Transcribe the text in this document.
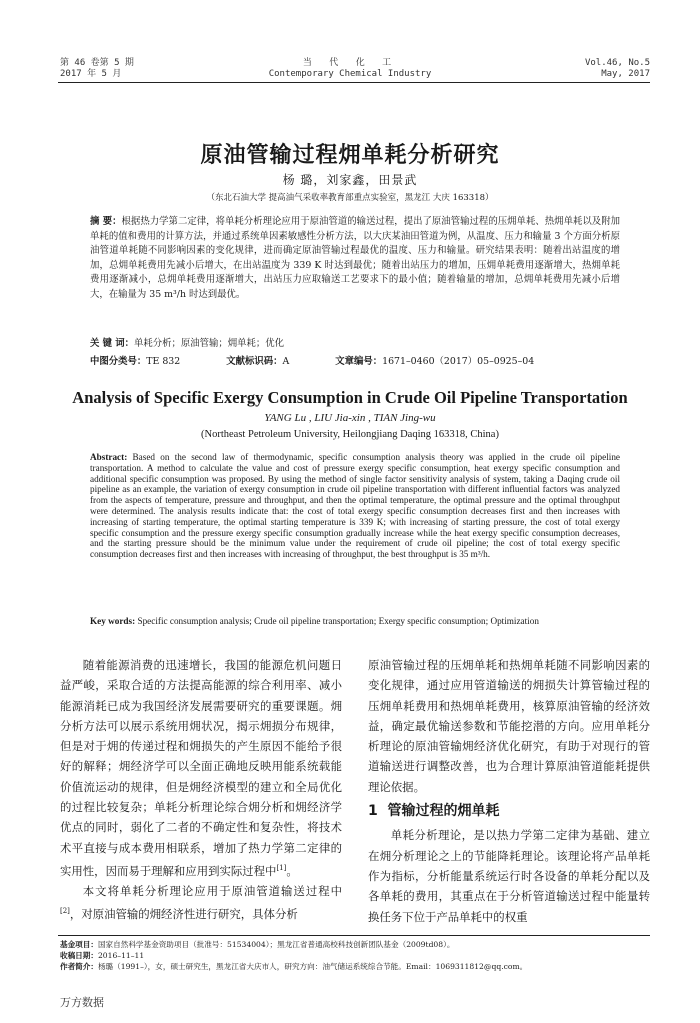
第 46 卷第 5 期
2017 年 5 月
当 代 化 工
Contemporary Chemical Industry
Vol.46, No.5
May, 2017
原油管输过程㶲单耗分析研究
杨 璐，刘家鑫，田景武
（东北石油大学 提高油气采收率教育部重点实验室，黑龙江 大庆 163318）
摘 要：根据热力学第二定律，将单耗分析理论应用于原油管道的输送过程，提出了原油管输过程的压㶲单耗、热㶲单耗以及附加单耗的值和费用的计算方法，并通过系统单因素敏感性分析方法，以大庆某油田管道为例，从温度、压力和输量 3 个方面分析原油管道单耗随不同影响因素的变化规律，进而确定原油管输过程最优的温度、压力和输量。研究结果表明：随着出站温度的增加，总㶲单耗费用先减小后增大，在出站温度为 339 K 时达到最优；随着出站压力的增加，压㶲单耗费用逐渐增大，热㶲单耗费用逐渐减小，总㶲单耗费用逐渐增大，出站压力应取输送工艺要求下的最小值；随着输量的增加，总㶲单耗费用先减小后增大，在输量为 35 m³/h 时达到最优。
关 键 词：单耗分析；原油管输；㶲单耗；优化
中图分类号：TE 832	文献标识码：A	文章编号：1671–0460（2017）05–0925–04
Analysis of Specific Exergy Consumption in Crude Oil Pipeline Transportation
YANG Lu , LIU Jia-xin , TIAN Jing-wu
(Northeast Petroleum University, Heilongjiang Daqing 163318, China)
Abstract: Based on the second law of thermodynamic, specific consumption analysis theory was applied in the crude oil pipeline transportation. A method to calculate the value and cost of pressure exergy specific consumption, heat exergy specific consumption and additional specific consumption was proposed. By using the method of single factor sensitivity analysis of system, taking a Daqing crude oil pipeline as an example, the variation of exergy consumption in crude oil pipeline transportation with different influential factors was analyzed from the aspects of temperature, pressure and throughput, and then the optimal temperature, the optimal pressure and the optimal throughput were determined. The analysis results indicate that: the cost of total exergy specific consumption decreases first and then increases with increasing of starting temperature, the optimal starting temperature is 339 K; with increasing of starting pressure, the cost of total exergy specific consumption and the pressure exergy specific consumption gradually increase while the heat exergy specific consumption decreases, and the starting pressure should be the minimum value under the requirement of crude oil pipeline; the cost of total exergy specific consumption decreases first and then increases with increasing of throughput, the best throughput is 35 m³/h.
Key words: Specific consumption analysis; Crude oil pipeline transportation; Exergy specific consumption; Optimization

随着能源消费的迅速增长，我国的能源危机问题日益严峻，采取合适的方法提高能源的综合利用率、减小能源消耗已成为我国经济发展需要研究的重要课题。㶲分析方法可以展示系统用㶲状况，揭示㶲损分布规律，但是对于㶲的传递过程和㶲损失的产生原因不能给予很好的解释；㶲经济学可以全面正确地反映用能系统载能价值流运动的规律，但是㶲经济模型的建立和全局优化的过程比较复杂；单耗分析理论综合㶲分析和㶲经济学优点的同时，弱化了二者的不确定性和复杂性，将技术术平直接与成本费用相联系，增加了热力学第二定律的实用性，因而易于理解和应用到实际过程中[1]。

本文将单耗分析理论应用于原油管道输送过程中[2]，对原油管输的㶲经济性进行研究，具体分析

原油管输过程的压㶲单耗和热㶲单耗随不同影响因素的变化规律，通过应用管道输送的㶲损失计算管输过程的压㶲单耗费用和热㶲单耗费用，核算原油管输的经济效益，确定最优输送参数和节能挖潜的方向。应用单耗分析理论的原油管输㶲经济优化研究，有助于对现行的管道输送进行调整改善，也为合理计算原油管道能耗提供理论依据。

1 管输过程的㶲单耗

单耗分析理论，是以热力学第二定律为基础、建立在㶲分析理论之上的节能降耗理论。该理论将产品单耗作为指标，分析能量系统运行时各设备的单耗分配以及各单耗的费用，其重点在于分析管道输送过程中能量转换任务下位于产品单耗中的权重

基金项目：国家自然科学基金资助项目（批准号：51534004）；黑龙江省普通高校科技创新团队基金（2009td08）。
收稿日期：2016–11–11
作者简介：杨璐（1991–），女，硕士研究生，黑龙江省大庆市人，研究方向：油气储运系统综合节能。Email：1069311812@qq.com。
万方数据
